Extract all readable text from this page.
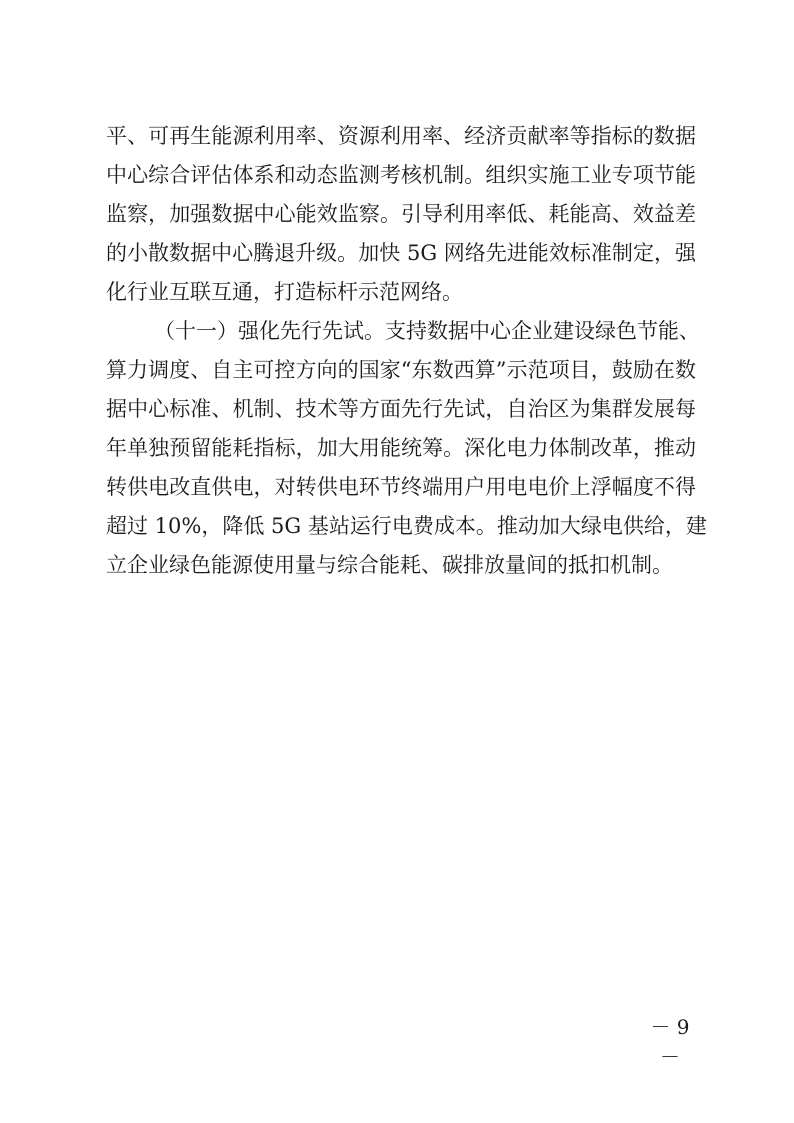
平、可再生能源利用率、资源利用率、经济贡献率等指标的数据
中心综合评估体系和动态监测考核机制。组织实施工业专项节能
监察，加强数据中心能效监察。引导利用率低、耗能高、效益差
的小散数据中心腾退升级。加快 5G 网络先进能效标准制定，强
化行业互联互通，打造标杆示范网络。
（十一）强化先行先试。支持数据中心企业建设绿色节能、
算力调度、自主可控方向的国家“东数西算”示范项目，鼓励在数
据中心标准、机制、技术等方面先行先试，自治区为集群发展每
年单独预留能耗指标，加大用能统筹。深化电力体制改革，推动
转供电改直供电，对转供电环节终端用户用电电价上浮幅度不得
超过 10%，降低 5G 基站运行电费成本。推动加大绿电供给，建
立企业绿色能源使用量与综合能耗、碳排放量间的抵扣机制。
－ 9 －
